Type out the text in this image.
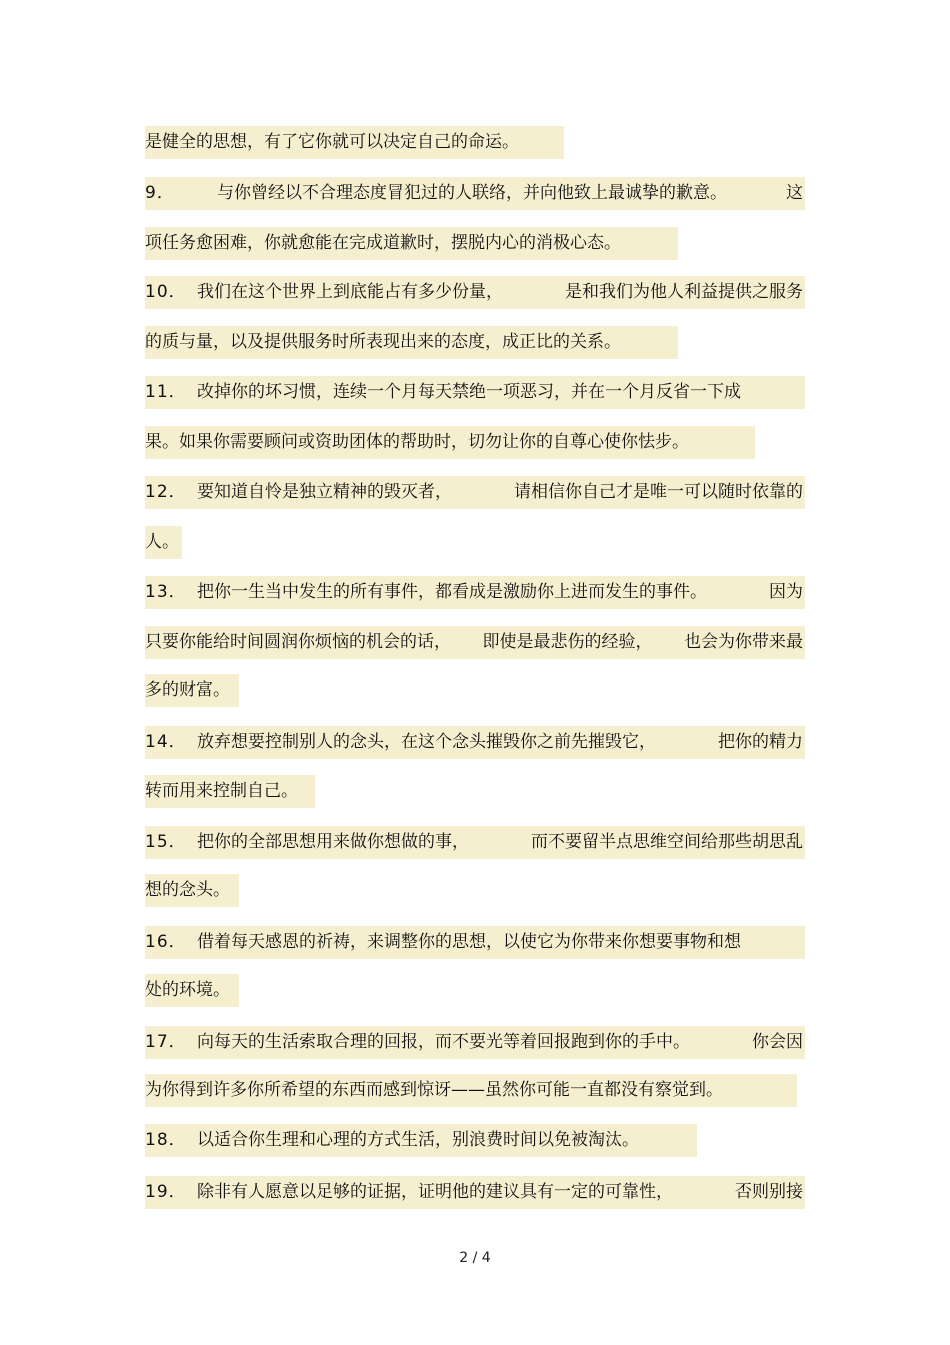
是健全的思想，有了它你就可以决定自己的命运。
9． 与你曾经以不合理态度冒犯过的人联络，并向他致上最诚挚的歉意。	这
项任务愈困难，你就愈能在完成道歉时，摆脱内心的消极心态。
10． 我们在这个世界上到底能占有多少份量，	是和我们为他人利益提供之服务
的质与量，以及提供服务时所表现出来的态度，成正比的关系。
11． 改掉你的坏习惯，连续一个月每天禁绝一项恶习，并在一个月反省一下成
果。如果你需要顾问或资助团体的帮助时，切勿让你的自尊心使你怯步。
12． 要知道自怜是独立精神的毁灭者，	请相信你自己才是唯一可以随时依靠的
人。
13． 把你一生当中发生的所有事件，都看成是激励你上进而发生的事件。	因为
只要你能给时间圆润你烦恼的机会的话， 即使是最悲伤的经验， 也会为你带来最
多的财富。
14． 放弃想要控制别人的念头，在这个念头摧毁你之前先摧毁它，	把你的精力
转而用来控制自己。
15． 把你的全部思想用来做你想做的事，	而不要留半点思维空间给那些胡思乱
想的念头。
16． 借着每天感恩的祈祷，来调整你的思想，以使它为你带来你想要事物和想
处的环境。
17． 向每天的生活索取合理的回报，而不要光等着回报跑到你的手中。	你会因
为你得到许多你所希望的东西而感到惊讶——虽然你可能一直都没有察觉到。
18． 以适合你生理和心理的方式生活，别浪费时间以免被淘汰。
19． 除非有人愿意以足够的证据，证明他的建议具有一定的可靠性，	否则别接
2 / 4
